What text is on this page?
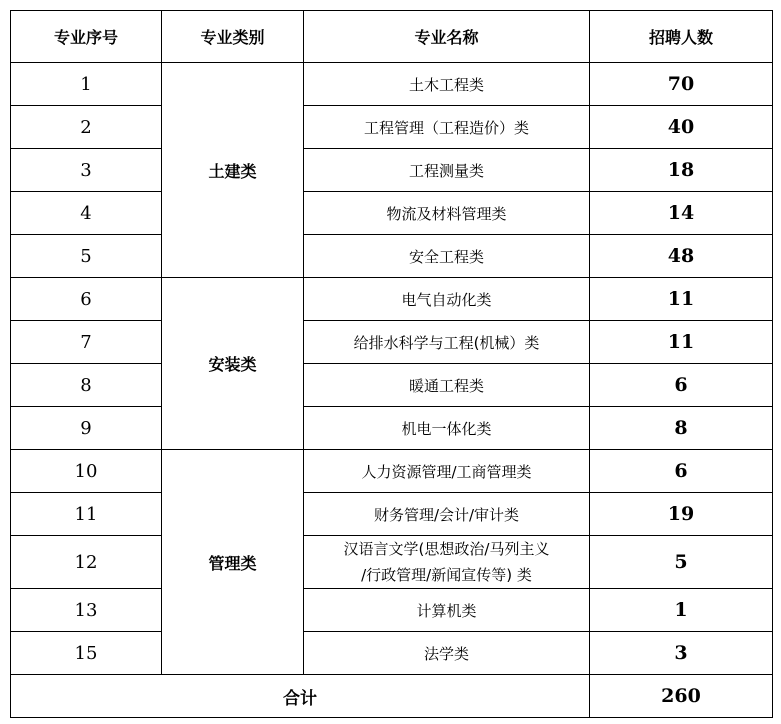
专业序号	专业类别	专业名称	招聘人数
1	土建类	土木工程类	70
2		工程管理（工程造价）类	40
3		工程测量类	18
4		物流及材料管理类	14
5		安全工程类	48
6	安装类	电气自动化类	11
7		给排水科学与工程(机械）类	11
8		暖通工程类	6
9		机电一体化类	8
10	管理类	人力资源管理/工商管理类	6
11		财务管理/会计/审计类	19
12		汉语言文学(思想政治/马列主义
/行政管理/新闻宣传等) 类	5
13		计算机类	1
15		法学类	3
合计			260
